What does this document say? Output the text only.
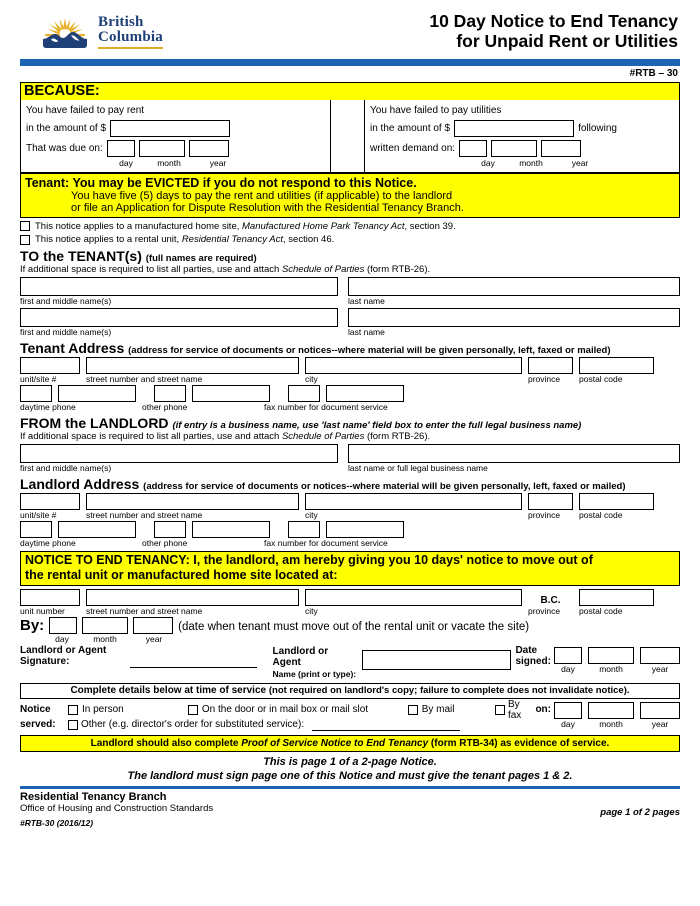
British
Columbia
10 Day Notice to End Tenancy
for Unpaid Rent or Utilities
#RTB – 30
BECAUSE:
You have failed to pay rent
in the amount of $
That was due on:
day	month	year
You have failed to pay utilities
in the amount of $	following
written demand on:
day	month	year
Tenant: You may be EVICTED if you do not respond to this Notice.
You have five (5) days to pay the rent and utilities (if applicable) to the landlord
or file an Application for Dispute Resolution with the Residential Tenancy Branch.
This notice applies to a manufactured home site, Manufactured Home Park Tenancy Act, section 39.
This notice applies to a rental unit, Residential Tenancy Act, section 46.
TO the TENANT(s) (full names are required)
If additional space is required to list all parties, use and attach Schedule of Parties (form RTB-26).
first and middle name(s)	last name
first and middle name(s)	last name
Tenant Address (address for service of documents or notices--where material will be given personally, left, faxed or mailed)
unit/site #	street number and street name	city	province	postal code
daytime phone	other phone	fax number for document service
FROM the LANDLORD (if entry is a business name, use 'last name' field box to enter the full legal business name)
If additional space is required to list all parties, use and attach Schedule of Parties (form RTB-26).
first and middle name(s)	last name or full legal business name
Landlord Address (address for service of documents or notices--where material will be given personally, left, faxed or mailed)
unit/site #	street number and street name	city	province	postal code
daytime phone	other phone	fax number for document service
NOTICE TO END TENANCY: I, the landlord, am hereby giving you 10 days' notice to move out of
the rental unit or manufactured home site located at:
B.C.
unit number	street number and street name	city	province	postal code
By:	(date when tenant must move out of the rental unit or vacate the site)
day	month	year
Landlord or Agent
Signature:
Landlord or Agent
Name (print or type):
Date
signed:
day	month	year
Complete details below at time of service (not required on landlord's copy; failure to complete does not invalidate notice).
Notice
served:
In person	On the door or in mail box or mail slot	By mail	By fax
Other (e.g. director's order for substituted service):
on:
day	month	year
Landlord should also complete Proof of Service Notice to End Tenancy (form RTB-34) as evidence of service.
This is page 1 of a 2-page Notice.
The landlord must sign page one of this Notice and must give the tenant pages 1 & 2.
Residential Tenancy Branch
Office of Housing and Construction Standards
#RTB-30 (2016/12)
page 1 of 2 pages
